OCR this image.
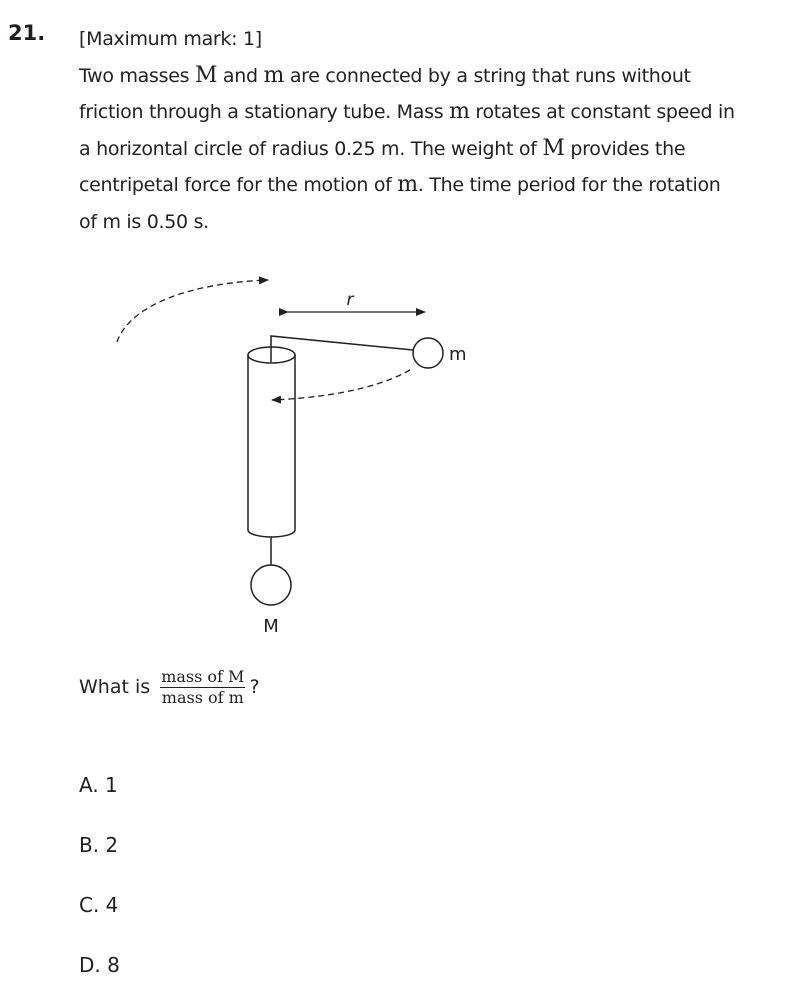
21. [Maximum mark: 1]
Two masses M and m are connected by a string that runs without
friction through a stationary tube. Mass m rotates at constant speed in
a horizontal circle of radius 0.25 m. The weight of M provides the
centripetal force for the motion of m. The time period for the rotation
of m is 0.50 s.
r
m
M
What is $\frac{\text{mass of M}}{\text{mass of m}}$ ?
A. 1
B. 2
C. 4
D. 8
